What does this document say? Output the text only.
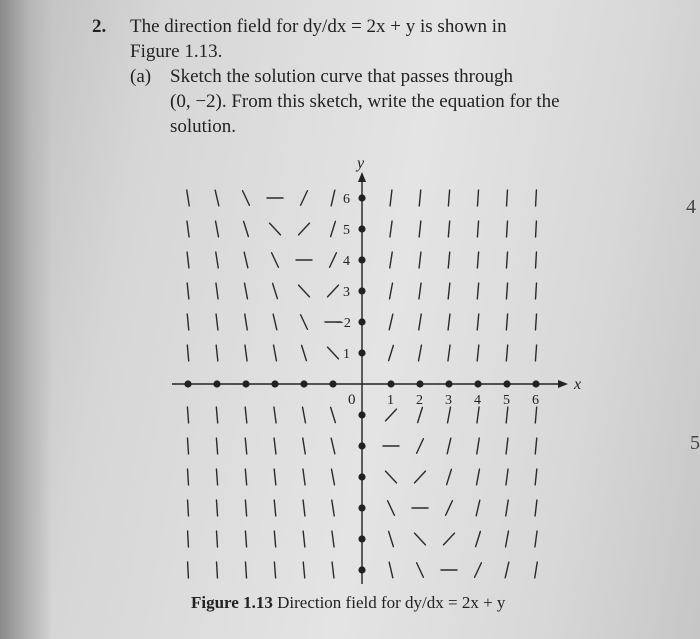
2. The direction field for dy/dx = 2x + y is shown in
Figure 1.13.
(a) Sketch the solution curve that passes through
(0, −2). From this sketch, write the equation for the
solution.
y
x
0 1 2 3 4 5 6
6
5
4
3
−2
1
Figure 1.13 Direction field for dy/dx = 2x + y
4
5
